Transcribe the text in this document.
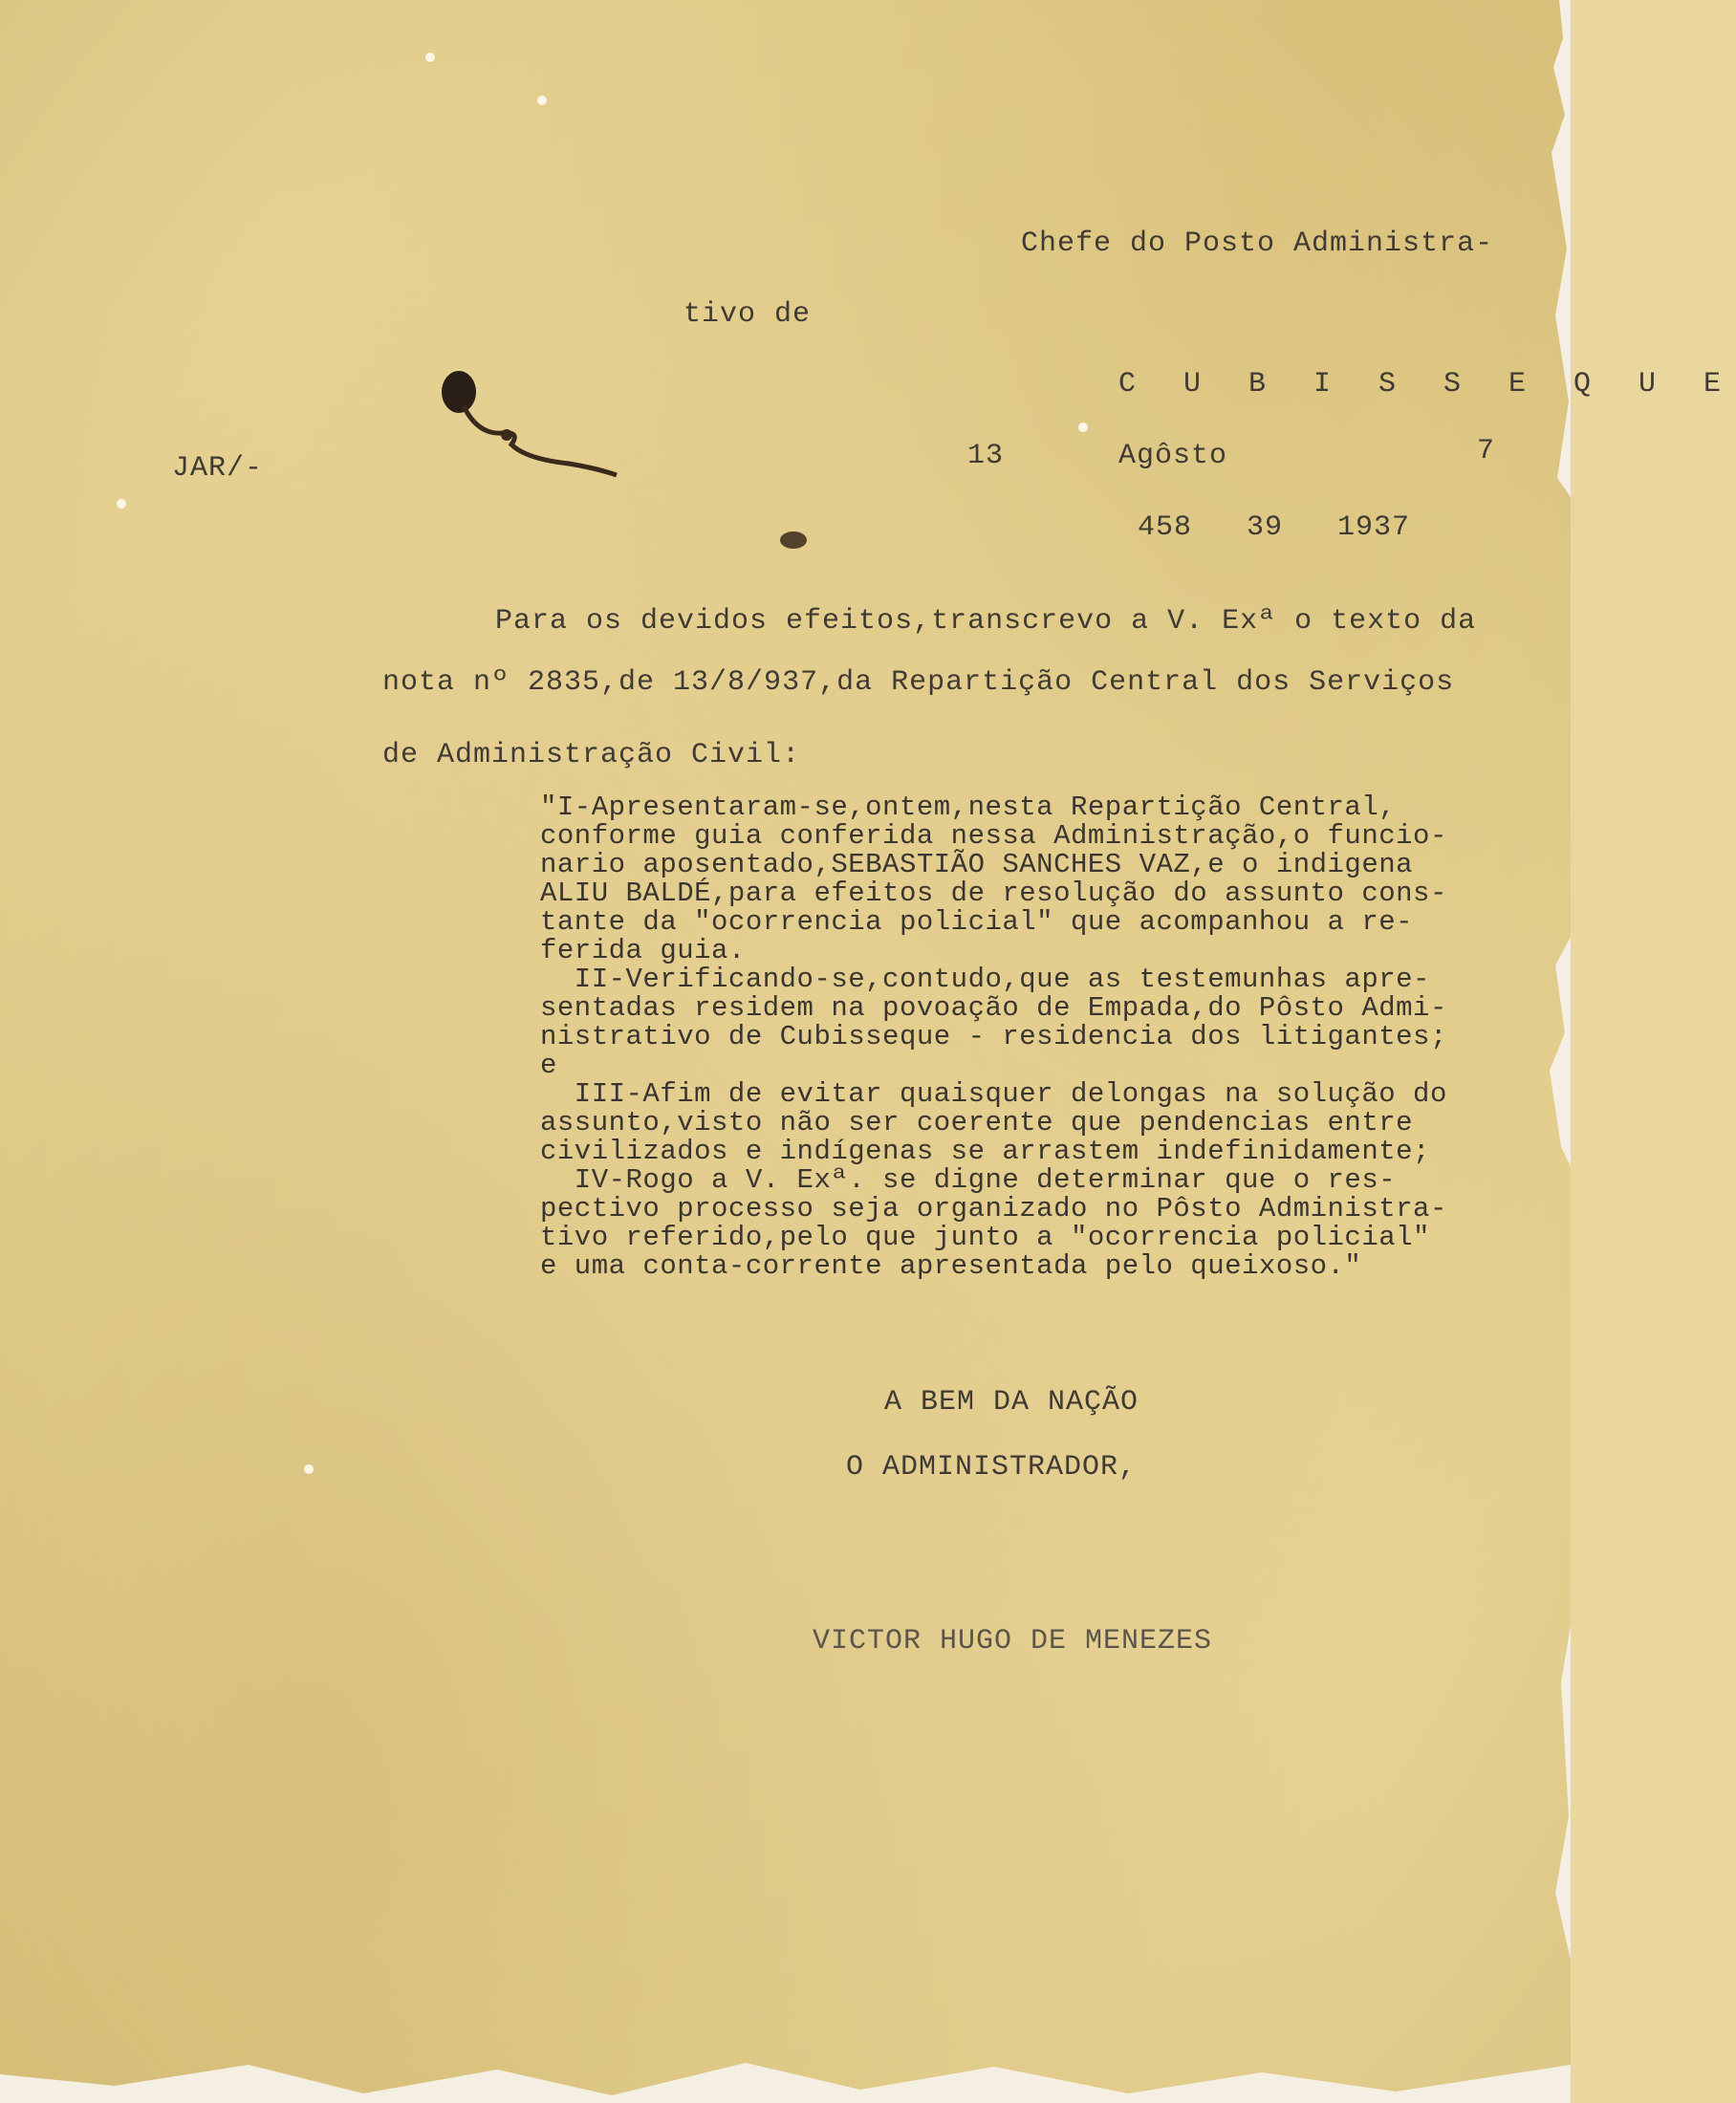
Chefe do Posto Administra-

tivo de

C U B I S S E Q U E

JAR/-	13	Agôsto	7

458   39   1937

Para os devidos efeitos,transcrevo a V. Exª o texto da

nota nº 2835,de 13/8/937,da Repartição Central dos Serviços

de Administração Civil:

"I-Apresentaram-se,ontem,nesta Repartição Central,
conforme guia conferida nessa Administração,o funcio-
nario aposentado,SEBASTIÃO SANCHES VAZ,e o indigena
ALIU BALDÉ,para efeitos de resolução do assunto cons-
tante da "ocorrencia policial" que acompanhou a re-
ferida guia.
II-Verificando-se,contudo,que as testemunhas apre-
sentadas residem na povoação de Empada,do Pôsto Admi-
nistrativo de Cubisseque - residencia dos litigantes;
e
III-Afim de evitar quaisquer delongas na solução do
assunto,visto não ser coerente que pendencias entre
civilizados e indígenas se arrastem indefinidamente;
IV-Rogo a V. Exª. se digne determinar que o res-
pectivo processo seja organizado no Pôsto Administra-
tivo referido,pelo que junto a "ocorrencia policial"
e uma conta-corrente apresentada pelo queixoso."

A BEM DA NAÇÃO

O ADMINISTRADOR,

VICTOR HUGO DE MENEZES
